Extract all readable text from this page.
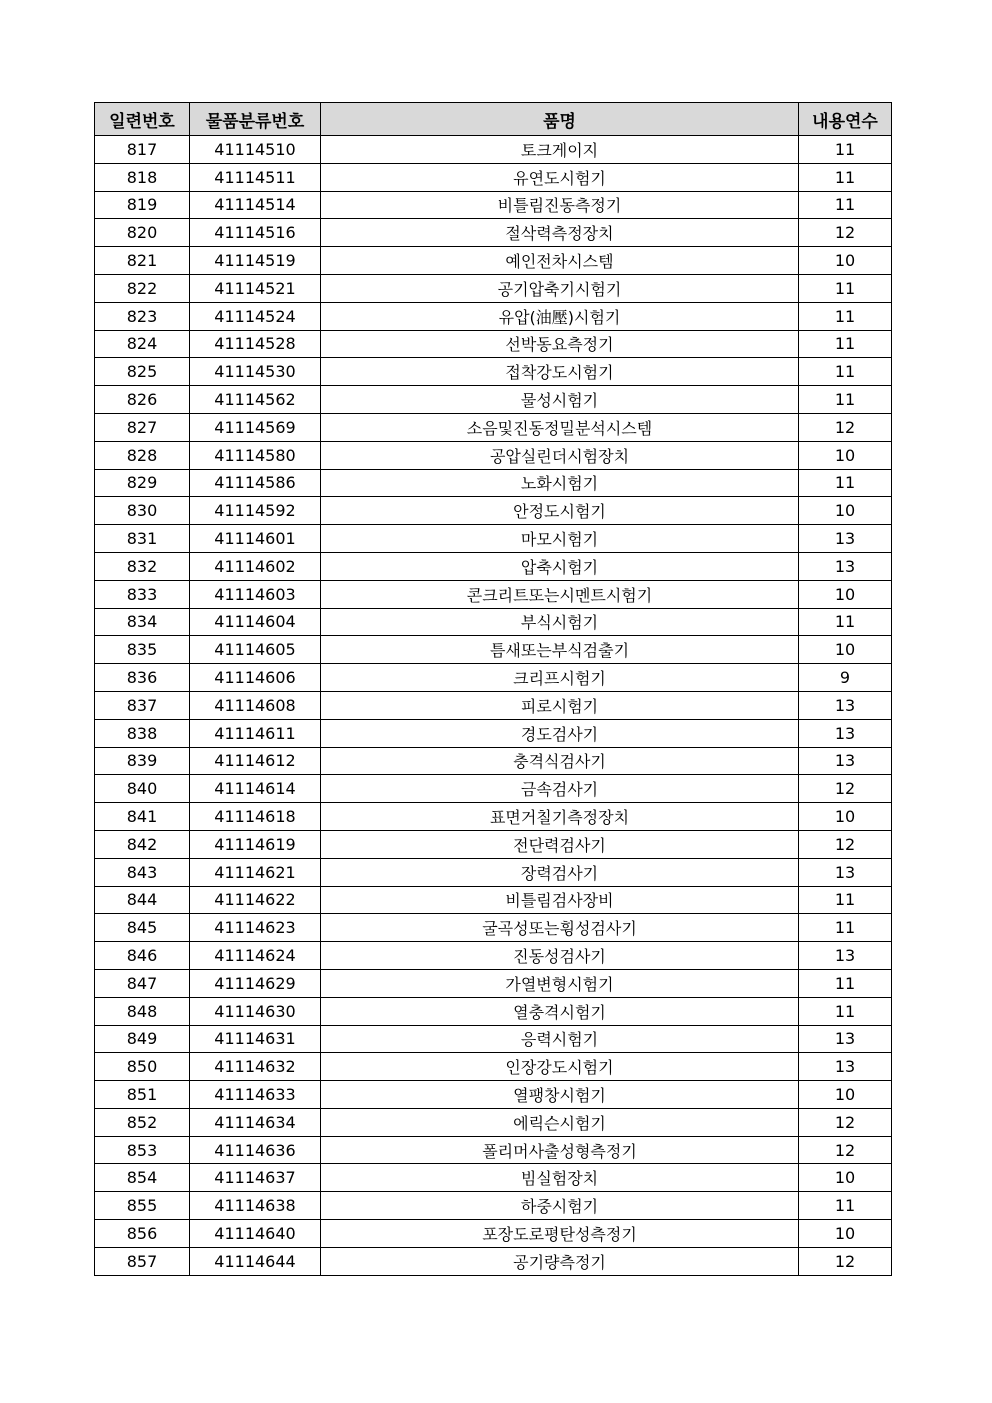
일련번호	물품분류번호	품명	내용연수
817	41114510	토크게이지	11
818	41114511	유연도시험기	11
819	41114514	비틀림진동측정기	11
820	41114516	절삭력측정장치	12
821	41114519	예인전차시스템	10
822	41114521	공기압축기시험기	11
823	41114524	유압(油壓)시험기	11
824	41114528	선박동요측정기	11
825	41114530	접착강도시험기	11
826	41114562	물성시험기	11
827	41114569	소음및진동정밀분석시스템	12
828	41114580	공압실린더시험장치	10
829	41114586	노화시험기	11
830	41114592	안정도시험기	10
831	41114601	마모시험기	13
832	41114602	압축시험기	13
833	41114603	콘크리트또는시멘트시험기	10
834	41114604	부식시험기	11
835	41114605	틈새또는부식검출기	10
836	41114606	크리프시험기	9
837	41114608	피로시험기	13
838	41114611	경도검사기	13
839	41114612	충격식검사기	13
840	41114614	금속검사기	12
841	41114618	표면거칠기측정장치	10
842	41114619	전단력검사기	12
843	41114621	장력검사기	13
844	41114622	비틀림검사장비	11
845	41114623	굴곡성또는휭성검사기	11
846	41114624	진동성검사기	13
847	41114629	가열변형시험기	11
848	41114630	열충격시험기	11
849	41114631	응력시험기	13
850	41114632	인장강도시험기	13
851	41114633	열팽창시험기	10
852	41114634	에릭슨시험기	12
853	41114636	폴리머사출성형측정기	12
854	41114637	빔실험장치	10
855	41114638	하중시험기	11
856	41114640	포장도로평탄성측정기	10
857	41114644	공기량측정기	12
